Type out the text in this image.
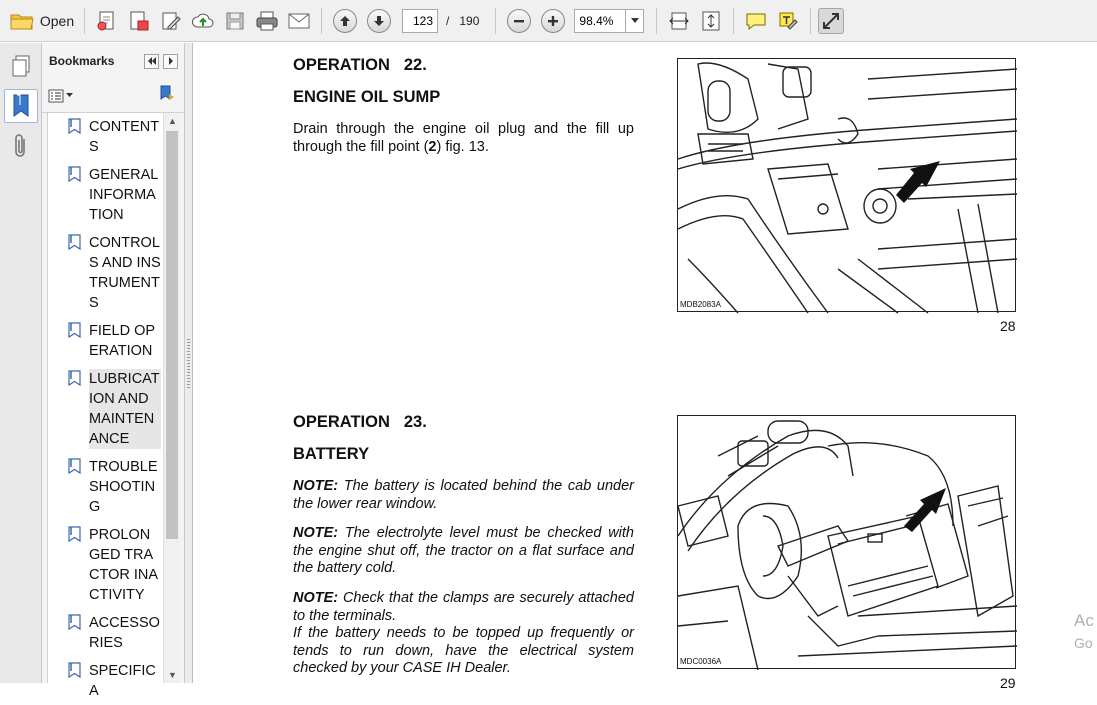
Open
123	/ 190	98.4%
Bookmarks
CONTENTS
GENERAL INFORMATION
CONTROLS AND INSTRUMENTS
FIELD OPERATION
LUBRICATION AND MAINTENANCE
TROUBLESHOOTING
PROLONGED TRACTOR INACTIVITY
ACCESSORIES
SPECIFICA
▲
▼
OPERATION 22.
ENGINE OIL SUMP

Drain through the engine oil plug and the fill up through the fill point (2) fig. 13.

MDB2083A
28
OPERATION 23.
BATTERY

NOTE: The battery is located behind the cab under the lower rear window.

NOTE: The electrolyte level must be checked with the engine shut off, the tractor on a flat surface and the battery cold.

NOTE: Check that the clamps are securely attached to the terminals.

If the battery needs to be topped up frequently or tends to run down, have the electrical system checked by your CASE IH Dealer.	MDC0036A
29
Ac
Go
